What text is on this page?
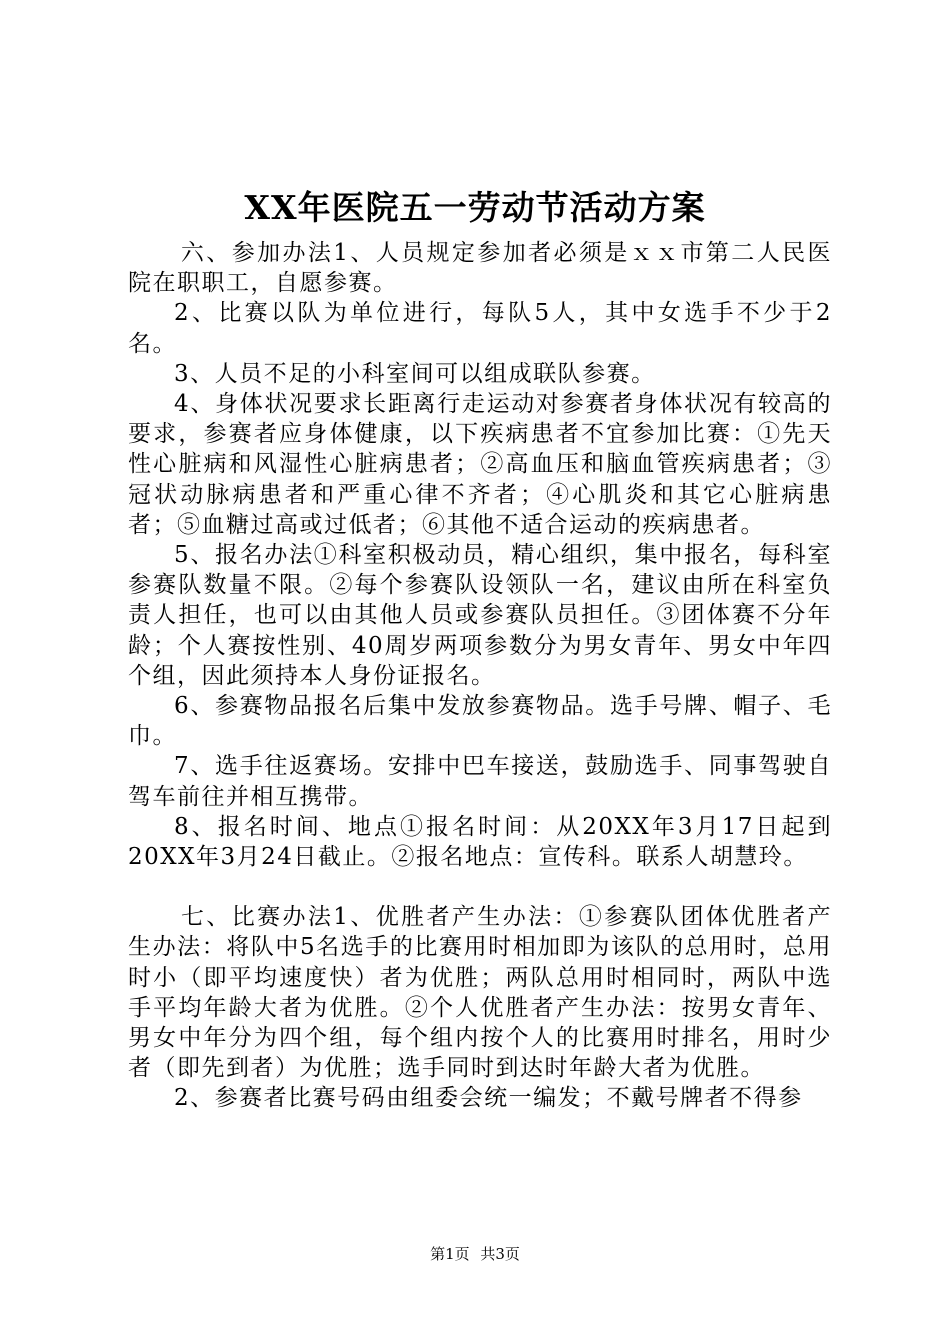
XX年医院五一劳动节活动方案

六、参加办法1、人员规定参加者必须是ｘｘ市第二人民医院在职职工，自愿参赛。

2、比赛以队为单位进行，每队5人，其中女选手不少于2名。

3、人员不足的小科室间可以组成联队参赛。

4、身体状况要求长距离行走运动对参赛者身体状况有较高的要求，参赛者应身体健康，以下疾病患者不宜参加比赛：①先天性心脏病和风湿性心脏病患者；②高血压和脑血管疾病患者；③冠状动脉病患者和严重心律不齐者；④心肌炎和其它心脏病患者；⑤血糖过高或过低者；⑥其他不适合运动的疾病患者。

5、报名办法①科室积极动员，精心组织，集中报名，每科室参赛队数量不限。②每个参赛队设领队一名，建议由所在科室负责人担任，也可以由其他人员或参赛队员担任。③团体赛不分年龄；个人赛按性别、40周岁两项参数分为男女青年、男女中年四个组，因此须持本人身份证报名。

6、参赛物品报名后集中发放参赛物品。选手号牌、帽子、毛巾。

7、选手往返赛场。安排中巴车接送，鼓励选手、同事驾驶自驾车前往并相互携带。

8、报名时间、地点①报名时间：从20XX年3月17日起到20XX年3月24日截止。②报名地点：宣传科。联系人胡慧玲。

七、比赛办法1、优胜者产生办法：①参赛队团体优胜者产生办法：将队中5名选手的比赛用时相加即为该队的总用时，总用时小（即平均速度快）者为优胜；两队总用时相同时，两队中选手平均年龄大者为优胜。②个人优胜者产生办法：按男女青年、男女中年分为四个组，每个组内按个人的比赛用时排名，用时少者（即先到者）为优胜；选手同时到达时年龄大者为优胜。

2、参赛者比赛号码由组委会统一编发；不戴号牌者不得参

第1页 共3页
